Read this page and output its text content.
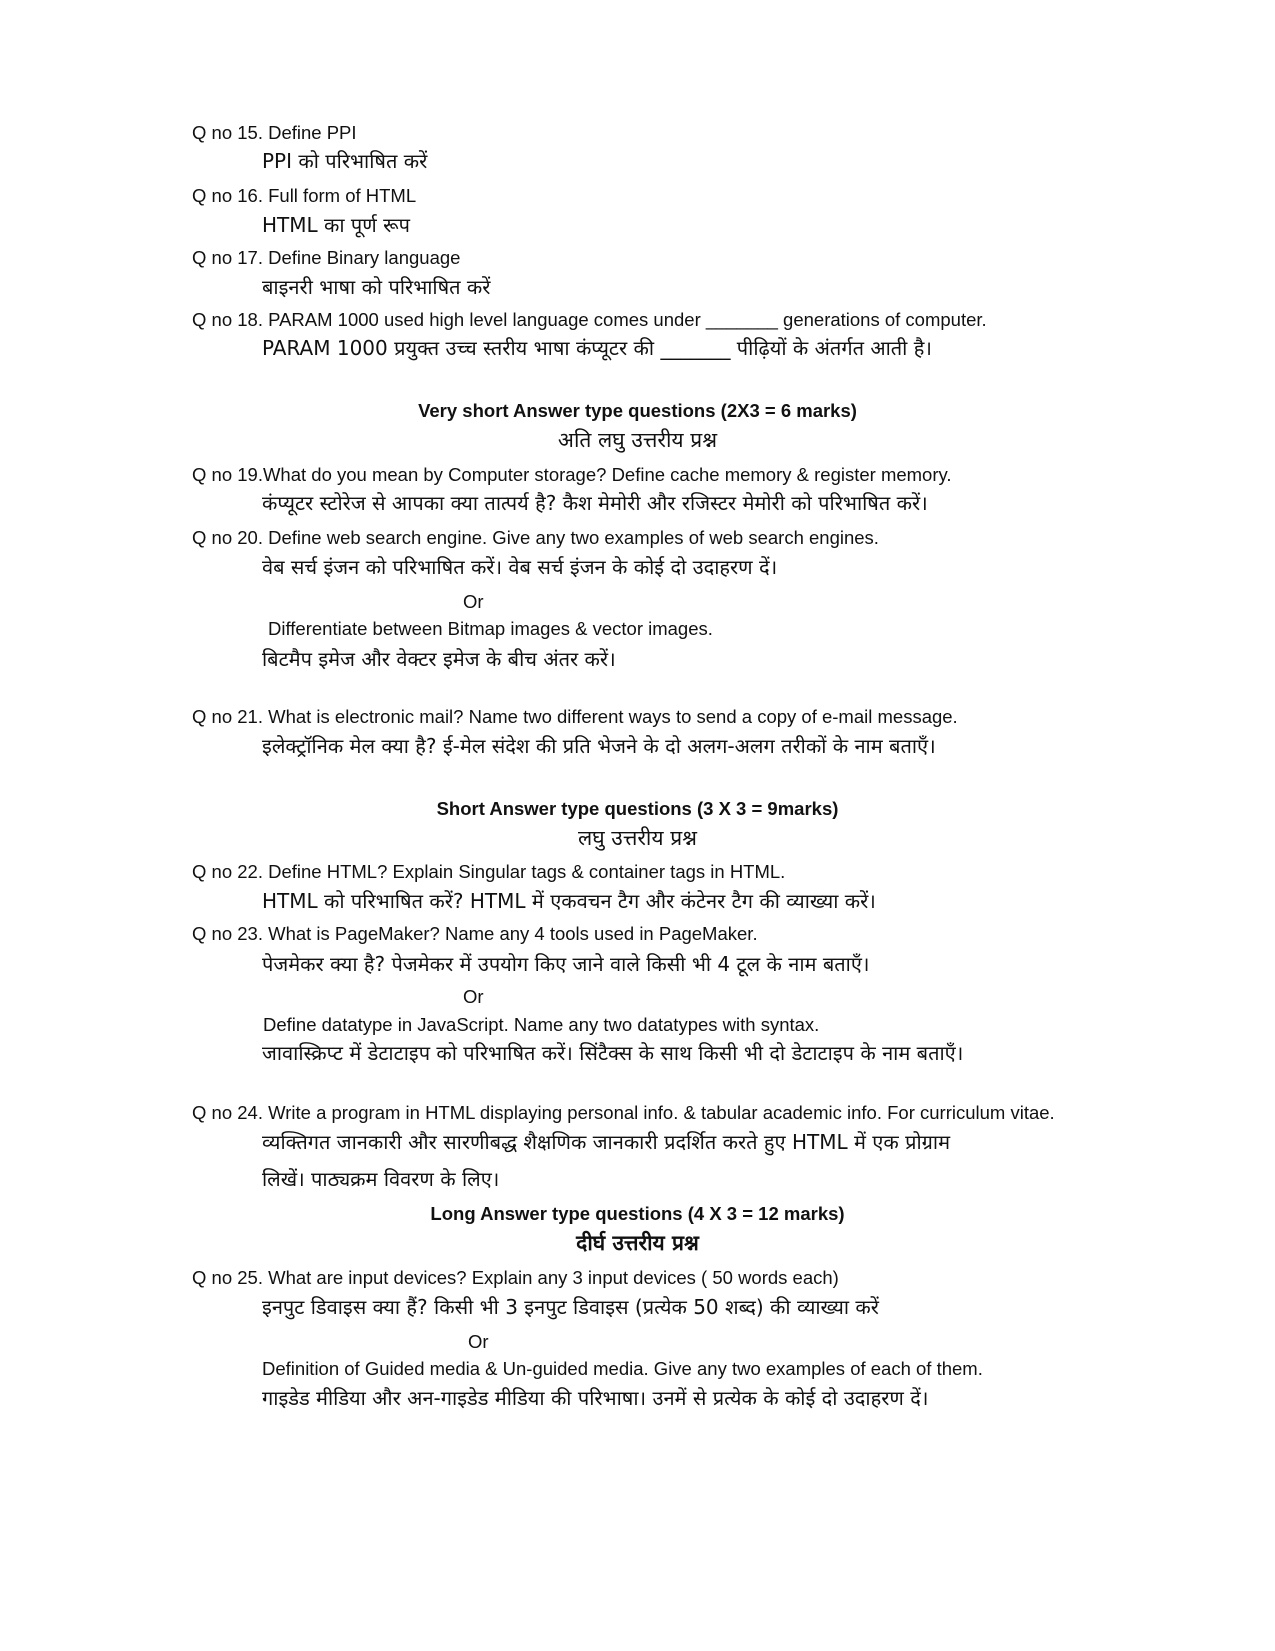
Q no 15. Define PPI
PPI को परिभाषित करें
Q no 16. Full form of HTML
HTML का पूर्ण रूप
Q no 17. Define Binary language
बाइनरी भाषा को परिभाषित करें
Q no 18. PARAM 1000 used high level language comes under _______ generations of computer.
PARAM 1000 प्रयुक्त उच्च स्तरीय भाषा कंप्यूटर की _______ पीढ़ियों के अंतर्गत आती है।
Very short Answer type questions (2X3 = 6 marks)
अति लघु उत्तरीय प्रश्न
Q no 19.What do you mean by Computer storage? Define cache memory & register memory.
कंप्यूटर स्टोरेज से आपका क्या तात्पर्य है? कैश मेमोरी और रजिस्टर मेमोरी को परिभाषित करें।
Q no 20. Define web search engine. Give any two examples of web search engines.
वेब सर्च इंजन को परिभाषित करें। वेब सर्च इंजन के कोई दो उदाहरण दें।
Or
Differentiate between Bitmap images & vector images.
बिटमैप इमेज और वेक्टर इमेज के बीच अंतर करें।
Q no 21. What is electronic mail? Name two different ways to send a copy of e-mail message.
इलेक्ट्रॉनिक मेल क्या है? ई-मेल संदेश की प्रति भेजने के दो अलग-अलग तरीकों के नाम बताएँ।
Short Answer type questions (3 X 3 = 9marks)
लघु उत्तरीय प्रश्न
Q no 22. Define HTML? Explain Singular tags & container tags in HTML.
HTML को परिभाषित करें? HTML में एकवचन टैग और कंटेनर टैग की व्याख्या करें।
Q no 23. What is PageMaker? Name any 4 tools used in PageMaker.
पेजमेकर क्या है? पेजमेकर में उपयोग किए जाने वाले किसी भी 4 टूल के नाम बताएँ।
Or
Define datatype in JavaScript. Name any two datatypes with syntax.
जावास्क्रिप्ट में डेटाटाइप को परिभाषित करें। सिंटैक्स के साथ किसी भी दो डेटाटाइप के नाम बताएँ।
Q no 24. Write a program in HTML displaying personal info. & tabular academic info. For curriculum vitae.
व्यक्तिगत जानकारी और सारणीबद्ध शैक्षणिक जानकारी प्रदर्शित करते हुए HTML में एक प्रोग्राम
लिखें। पाठ्यक्रम विवरण के लिए।
Long Answer type questions (4 X 3 = 12 marks)
दीर्घ उत्तरीय प्रश्न
Q no 25. What are input devices? Explain any 3 input devices ( 50 words each)
इनपुट डिवाइस क्या हैं? किसी भी 3 इनपुट डिवाइस (प्रत्येक 50 शब्द) की व्याख्या करें
Or
Definition of Guided media & Un-guided media. Give any two examples of each of them.
गाइडेड मीडिया और अन-गाइडेड मीडिया की परिभाषा। उनमें से प्रत्येक के कोई दो उदाहरण दें।
